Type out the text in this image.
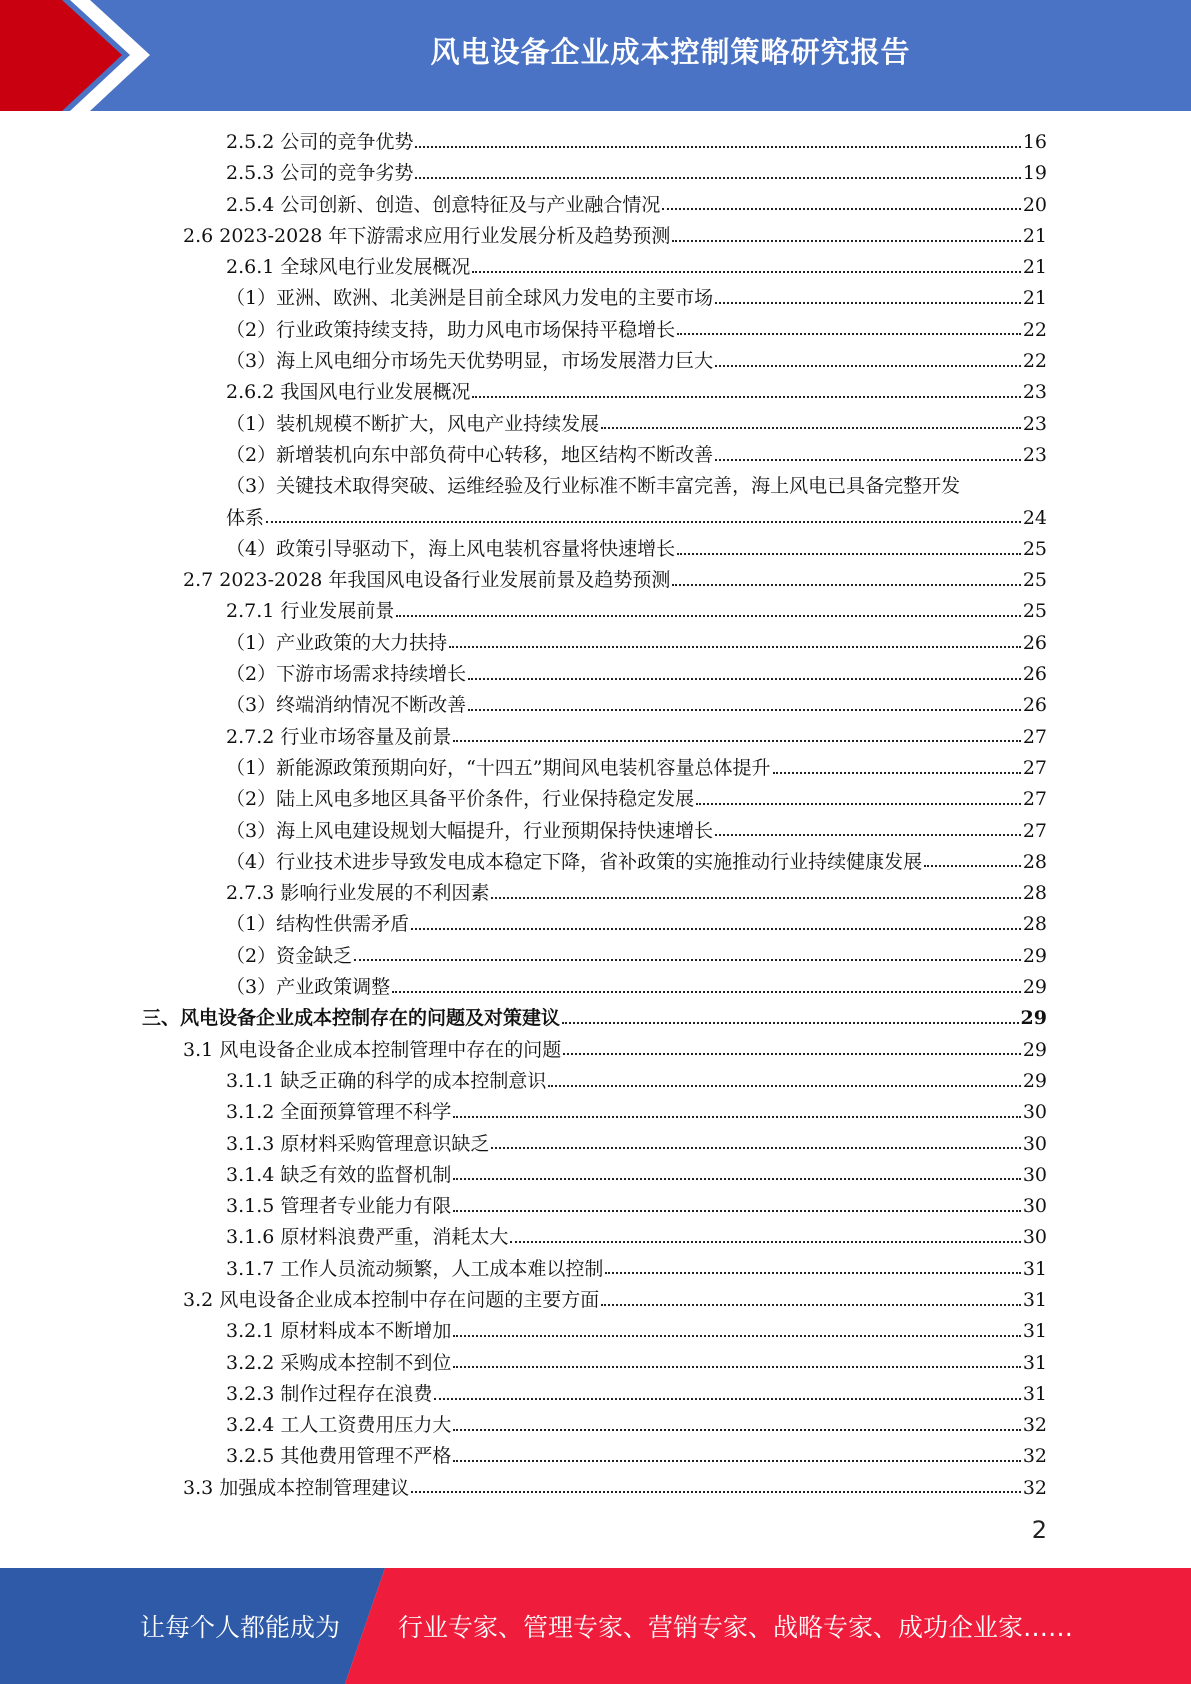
风电设备企业成本控制策略研究报告
2.5.2 公司的竞争优势	16
2.5.3 公司的竞争劣势	19
2.5.4 公司创新、创造、创意特征及与产业融合情况	20
2.6 2023-2028 年下游需求应用行业发展分析及趋势预测	21
2.6.1 全球风电行业发展概况	21
（1）亚洲、欧洲、北美洲是目前全球风力发电的主要市场	21
（2）行业政策持续支持，助力风电市场保持平稳增长	22
（3）海上风电细分市场先天优势明显，市场发展潜力巨大	22
2.6.2 我国风电行业发展概况	23
（1）装机规模不断扩大，风电产业持续发展	23
（2）新增装机向东中部负荷中心转移，地区结构不断改善	23
（3）关键技术取得突破、运维经验及行业标准不断丰富完善，海上风电已具备完整开发
体系	24
（4）政策引导驱动下，海上风电装机容量将快速增长	25
2.7 2023-2028 年我国风电设备行业发展前景及趋势预测	25
2.7.1 行业发展前景	25
（1）产业政策的大力扶持	26
（2）下游市场需求持续增长	26
（3）终端消纳情况不断改善	26
2.7.2 行业市场容量及前景	27
（1）新能源政策预期向好，“十四五”期间风电装机容量总体提升	27
（2）陆上风电多地区具备平价条件，行业保持稳定发展	27
（3）海上风电建设规划大幅提升，行业预期保持快速增长	27
（4）行业技术进步导致发电成本稳定下降，省补政策的实施推动行业持续健康发展	28
2.7.3 影响行业发展的不利因素	28
（1）结构性供需矛盾	28
（2）资金缺乏	29
（3）产业政策调整	29
三、风电设备企业成本控制存在的问题及对策建议	29
3.1 风电设备企业成本控制管理中存在的问题	29
3.1.1 缺乏正确的科学的成本控制意识	29
3.1.2 全面预算管理不科学	30
3.1.3 原材料采购管理意识缺乏	30
3.1.4 缺乏有效的监督机制	30
3.1.5 管理者专业能力有限	30
3.1.6 原材料浪费严重，消耗太大	30
3.1.7 工作人员流动频繁，人工成本难以控制	31
3.2 风电设备企业成本控制中存在问题的主要方面	31
3.2.1 原材料成本不断增加	31
3.2.2 采购成本控制不到位	31
3.2.3 制作过程存在浪费	31
3.2.4 工人工资费用压力大	32
3.2.5 其他费用管理不严格	32
3.3 加强成本控制管理建议	32
2
让每个人都能成为 行业专家、管理专家、营销专家、战略专家、成功企业家……
